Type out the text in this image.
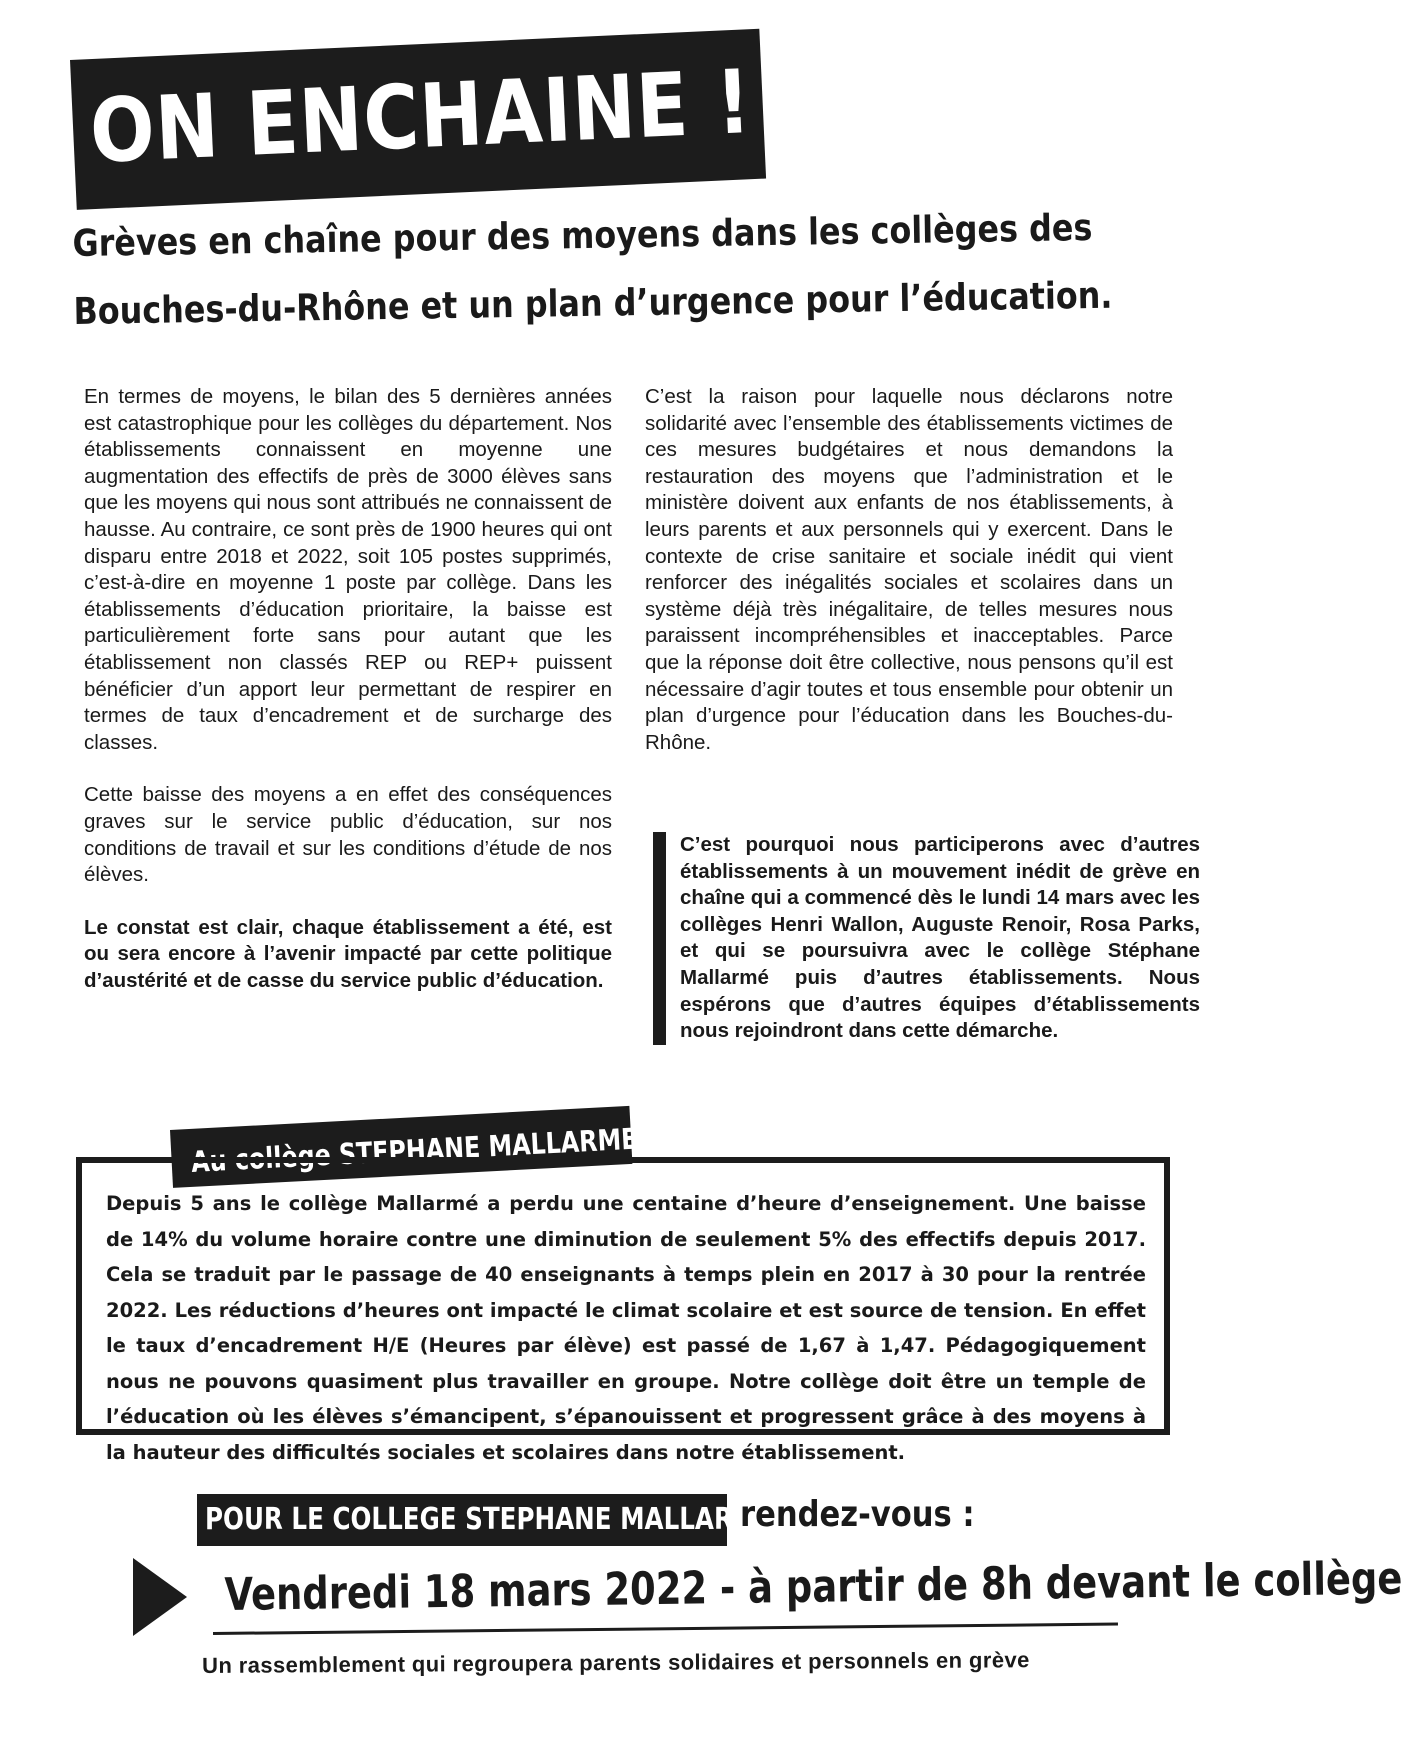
ON ENCHAINE !
Grèves en chaîne pour des moyens dans les collèges des
Bouches-du-Rhône et un plan d’urgence pour l’éducation.

En termes de moyens, le bilan des 5 dernières années est catastrophique pour les collèges du département. Nos établissements connaissent en moyenne une augmentation des effectifs de près de 3000 élèves sans que les moyens qui nous sont attribués ne connaissent de hausse. Au contraire, ce sont près de 1900 heures qui ont disparu entre 2018 et 2022, soit 105 postes supprimés, c’est-à-dire en moyenne 1 poste par collège. Dans les établissements d’éducation prioritaire, la baisse est particulièrement forte sans pour autant que les établissement non classés REP ou REP+ puissent bénéficier d’un apport leur permettant de respirer en termes de taux d’encadrement et de surcharge des classes.

Cette baisse des moyens a en effet des conséquences graves sur le service public d’éducation, sur nos conditions de travail et sur les conditions d’étude de nos élèves.

Le constat est clair, chaque établissement a été, est ou sera encore à l’avenir impacté par cette politique d’austérité et de casse du service public d’éducation.

C’est la raison pour laquelle nous déclarons notre solidarité avec l’ensemble des établissements victimes de ces mesures budgétaires et nous demandons la restauration des moyens que l’administration et le ministère doivent aux enfants de nos établissements, à leurs parents et aux personnels qui y exercent. Dans le contexte de crise sanitaire et sociale inédit qui vient renforcer des inégalités sociales et scolaires dans un système déjà très inégalitaire, de telles mesures nous paraissent incompréhensibles et inacceptables. Parce que la réponse doit être collective, nous pensons qu’il est nécessaire d’agir toutes et tous ensemble pour obtenir un plan d’urgence pour l’éducation dans les Bouches-du-Rhône.

C’est pourquoi nous participerons avec d’autres établissements à un mouvement inédit de grève en chaîne qui a commencé dès le lundi 14 mars avec les collèges Henri Wallon, Auguste Renoir, Rosa Parks, et qui se poursuivra avec le collège Stéphane Mallarmé puis d’autres établissements. Nous espérons que d’autres équipes d’établissements nous rejoindront dans cette démarche.

Au collège STEPHANE MALLARME
Depuis 5 ans le collège Mallarmé a perdu une centaine d’heure d’enseignement. Une baisse de 14% du volume horaire contre une diminution de seulement 5% des effectifs depuis 2017. Cela se traduit par le passage de 40 enseignants à temps plein en 2017 à 30 pour la rentrée 2022. Les réductions d’heures ont impacté le climat scolaire et est source de tension. En effet le taux d’encadrement H/E (Heures par élève) est passé de 1,67 à 1,47. Pédagogiquement nous ne pouvons quasiment plus travailler en groupe. Notre collège doit être un temple de l’éducation où les élèves s’émancipent, s’épanouissent et progressent grâce à des moyens à la hauteur des difficultés sociales et scolaires dans notre établissement.
POUR LE COLLEGE STEPHANE MALLARME
rendez-vous :
Vendredi 18 mars 2022 - à partir de 8h devant le collège
Un rassemblement qui regroupera parents solidaires et personnels en grève
